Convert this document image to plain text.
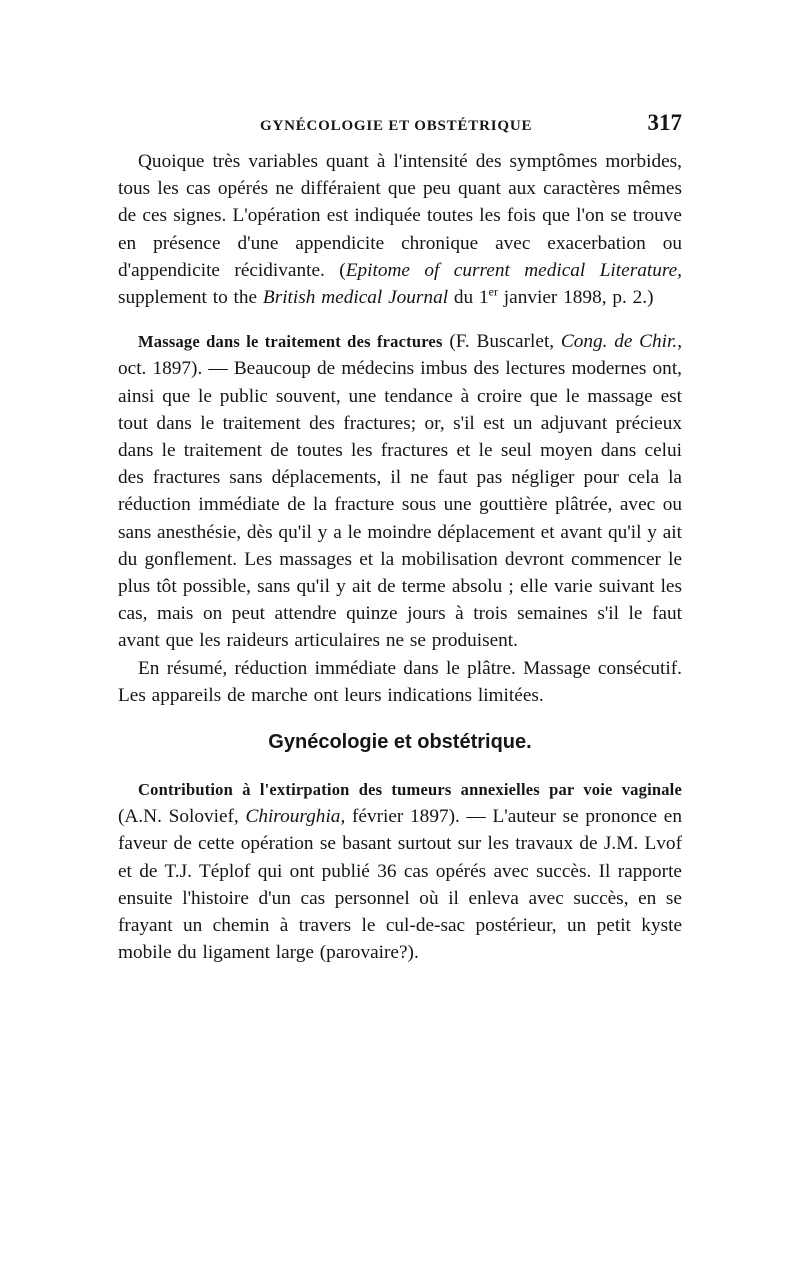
GYNÉCOLOGIE ET OBSTÉTRIQUE	317

Quoique très variables quant à l'intensité des symptômes morbides, tous les cas opérés ne différaient que peu quant aux caractères mêmes de ces signes. L'opération est indiquée toutes les fois que l'on se trouve en présence d'une appendicite chronique avec exacerbation ou d'appendicite récidivante. (Epitome of current medical Literature, supplement to the British medical Journal du 1er janvier 1898, p. 2.)

Massage dans le traitement des fractures (F. Buscarlet, Cong. de Chir., oct. 1897). — Beaucoup de médecins imbus des lectures modernes ont, ainsi que le public souvent, une tendance à croire que le massage est tout dans le traitement des fractures; or, s'il est un adjuvant précieux dans le traitement de toutes les fractures et le seul moyen dans celui des fractures sans déplacements, il ne faut pas négliger pour cela la réduction immédiate de la fracture sous une gouttière plâtrée, avec ou sans anesthésie, dès qu'il y a le moindre déplacement et avant qu'il y ait du gonflement. Les massages et la mobilisation devront commencer le plus tôt possible, sans qu'il y ait de terme absolu ; elle varie suivant les cas, mais on peut attendre quinze jours à trois semaines s'il le faut avant que les raideurs articulaires ne se produisent.

En résumé, réduction immédiate dans le plâtre. Massage consécutif. Les appareils de marche ont leurs indications limitées.

Gynécologie et obstétrique.

Contribution à l'extirpation des tumeurs annexielles par voie vaginale (A.N. Solovief, Chirourghia, février 1897). — L'auteur se prononce en faveur de cette opération se basant surtout sur les travaux de J.M. Lvof et de T.J. Téplof qui ont publié 36 cas opérés avec succès. Il rapporte ensuite l'histoire d'un cas personnel où il enleva avec succès, en se frayant un chemin à travers le cul-de-sac postérieur, un petit kyste mobile du ligament large (parovaire?).
